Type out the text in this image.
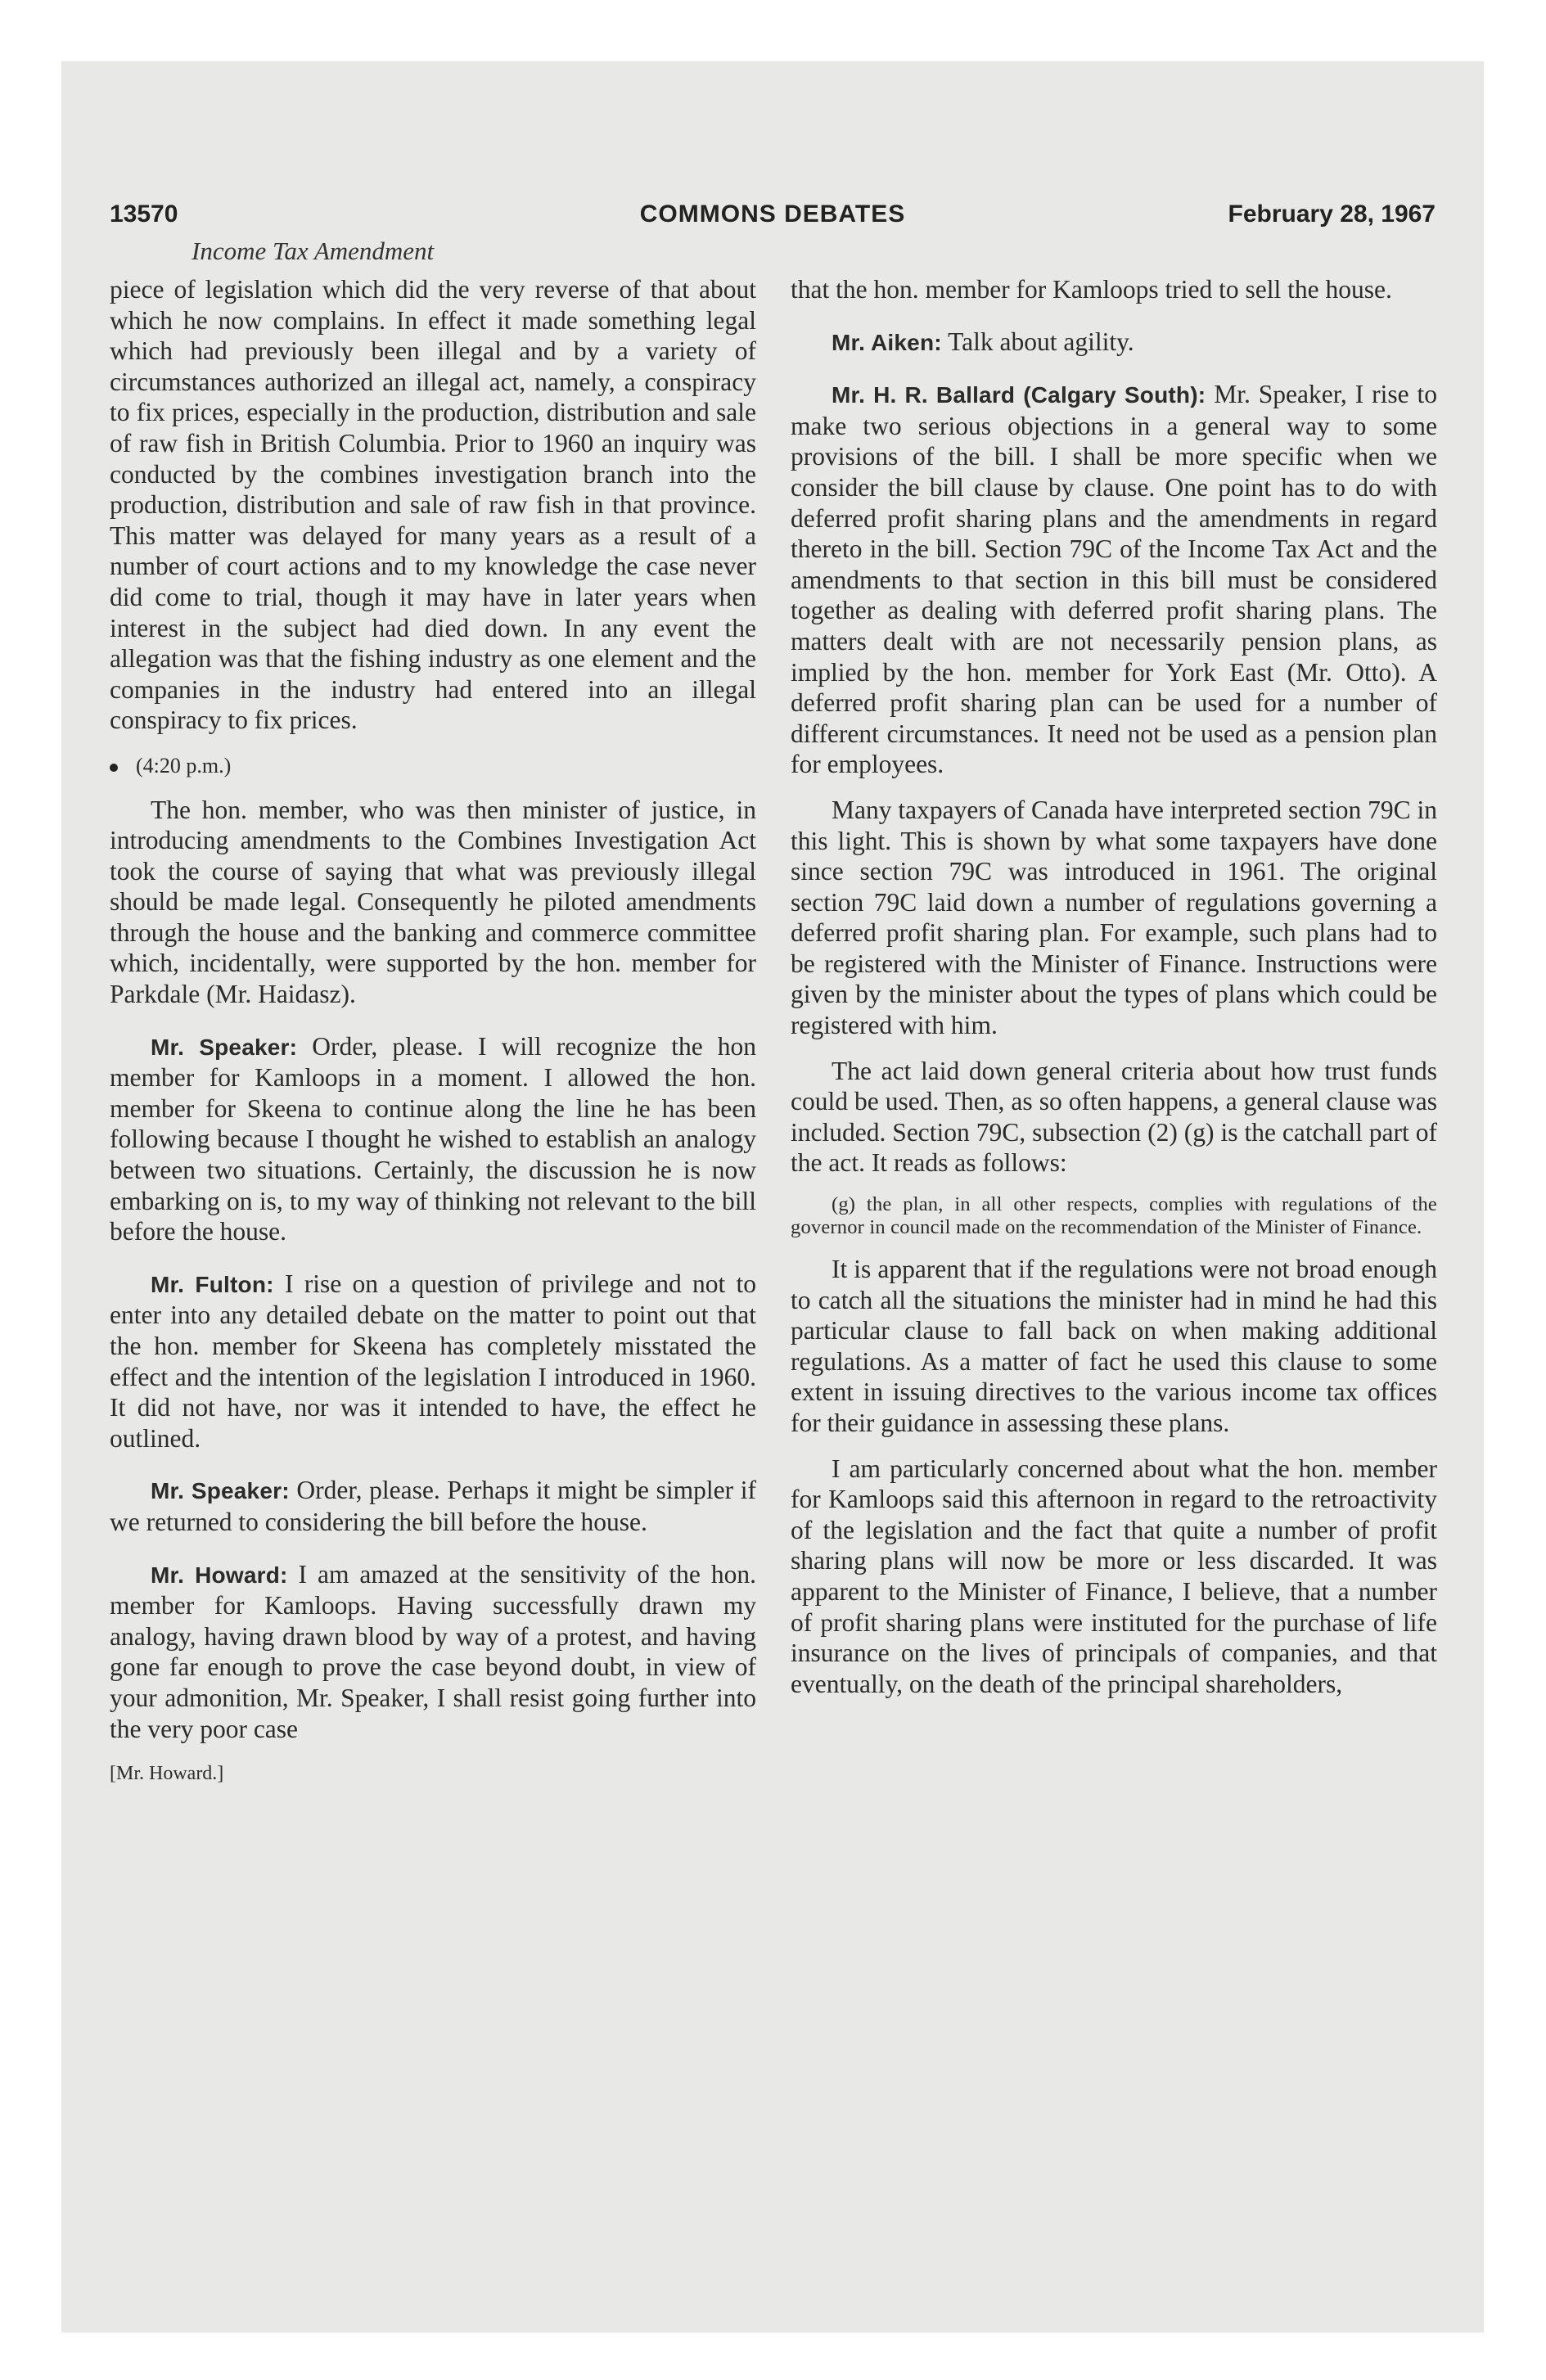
13570	COMMONS DEBATES	February 28, 1967
Income Tax Amendment

piece of legislation which did the very reverse of that about which he now complains. In effect it made something legal which had previously been illegal and by a variety of circumstances authorized an illegal act, namely, a conspiracy to fix prices, especially in the production, distribution and sale of raw fish in British Columbia. Prior to 1960 an inquiry was conducted by the combines investigation branch into the production, distribution and sale of raw fish in that province. This matter was delayed for many years as a result of a number of court actions and to my knowledge the case never did come to trial, though it may have in later years when interest in the subject had died down. In any event the allegation was that the fishing industry as one element and the companies in the industry had entered into an illegal conspiracy to fix prices.

(4:20 p.m.)

The hon. member, who was then minister of justice, in introducing amendments to the Combines Investigation Act took the course of saying that what was previously illegal should be made legal. Consequently he piloted amendments through the house and the banking and commerce committee which, incidentally, were supported by the hon. member for Parkdale (Mr. Haidasz).

Mr. Speaker: Order, please. I will recognize the hon member for Kamloops in a moment. I allowed the hon. member for Skeena to continue along the line he has been following because I thought he wished to establish an analogy between two situations. Certainly, the discussion he is now embarking on is, to my way of thinking not relevant to the bill before the house.

Mr. Fulton: I rise on a question of privilege and not to enter into any detailed debate on the matter to point out that the hon. member for Skeena has completely misstated the effect and the intention of the legislation I introduced in 1960. It did not have, nor was it intended to have, the effect he outlined.

Mr. Speaker: Order, please. Perhaps it might be simpler if we returned to considering the bill before the house.

Mr. Howard: I am amazed at the sensitivity of the hon. member for Kamloops. Having successfully drawn my analogy, having drawn blood by way of a protest, and having gone far enough to prove the case beyond doubt, in view of your admonition, Mr. Speaker, I shall resist going further into the very poor case

[Mr. Howard.]

that the hon. member for Kamloops tried to sell the house.

Mr. Aiken: Talk about agility.

Mr. H. R. Ballard (Calgary South): Mr. Speaker, I rise to make two serious objections in a general way to some provisions of the bill. I shall be more specific when we consider the bill clause by clause. One point has to do with deferred profit sharing plans and the amendments in regard thereto in the bill. Section 79C of the Income Tax Act and the amendments to that section in this bill must be considered together as dealing with deferred profit sharing plans. The matters dealt with are not necessarily pension plans, as implied by the hon. member for York East (Mr. Otto). A deferred profit sharing plan can be used for a number of different circumstances. It need not be used as a pension plan for employees.

Many taxpayers of Canada have interpreted section 79C in this light. This is shown by what some taxpayers have done since section 79C was introduced in 1961. The original section 79C laid down a number of regulations governing a deferred profit sharing plan. For example, such plans had to be registered with the Minister of Finance. Instructions were given by the minister about the types of plans which could be registered with him.

The act laid down general criteria about how trust funds could be used. Then, as so often happens, a general clause was included. Section 79C, subsection (2) (g) is the catchall part of the act. It reads as follows:

(g) the plan, in all other respects, complies with regulations of the governor in council made on the recommendation of the Minister of Finance.

It is apparent that if the regulations were not broad enough to catch all the situations the minister had in mind he had this particular clause to fall back on when making additional regulations. As a matter of fact he used this clause to some extent in issuing directives to the various income tax offices for their guidance in assessing these plans.

I am particularly concerned about what the hon. member for Kamloops said this afternoon in regard to the retroactivity of the legislation and the fact that quite a number of profit sharing plans will now be more or less discarded. It was apparent to the Minister of Finance, I believe, that a number of profit sharing plans were instituted for the purchase of life insurance on the lives of principals of companies, and that eventually, on the death of the principal shareholders,
